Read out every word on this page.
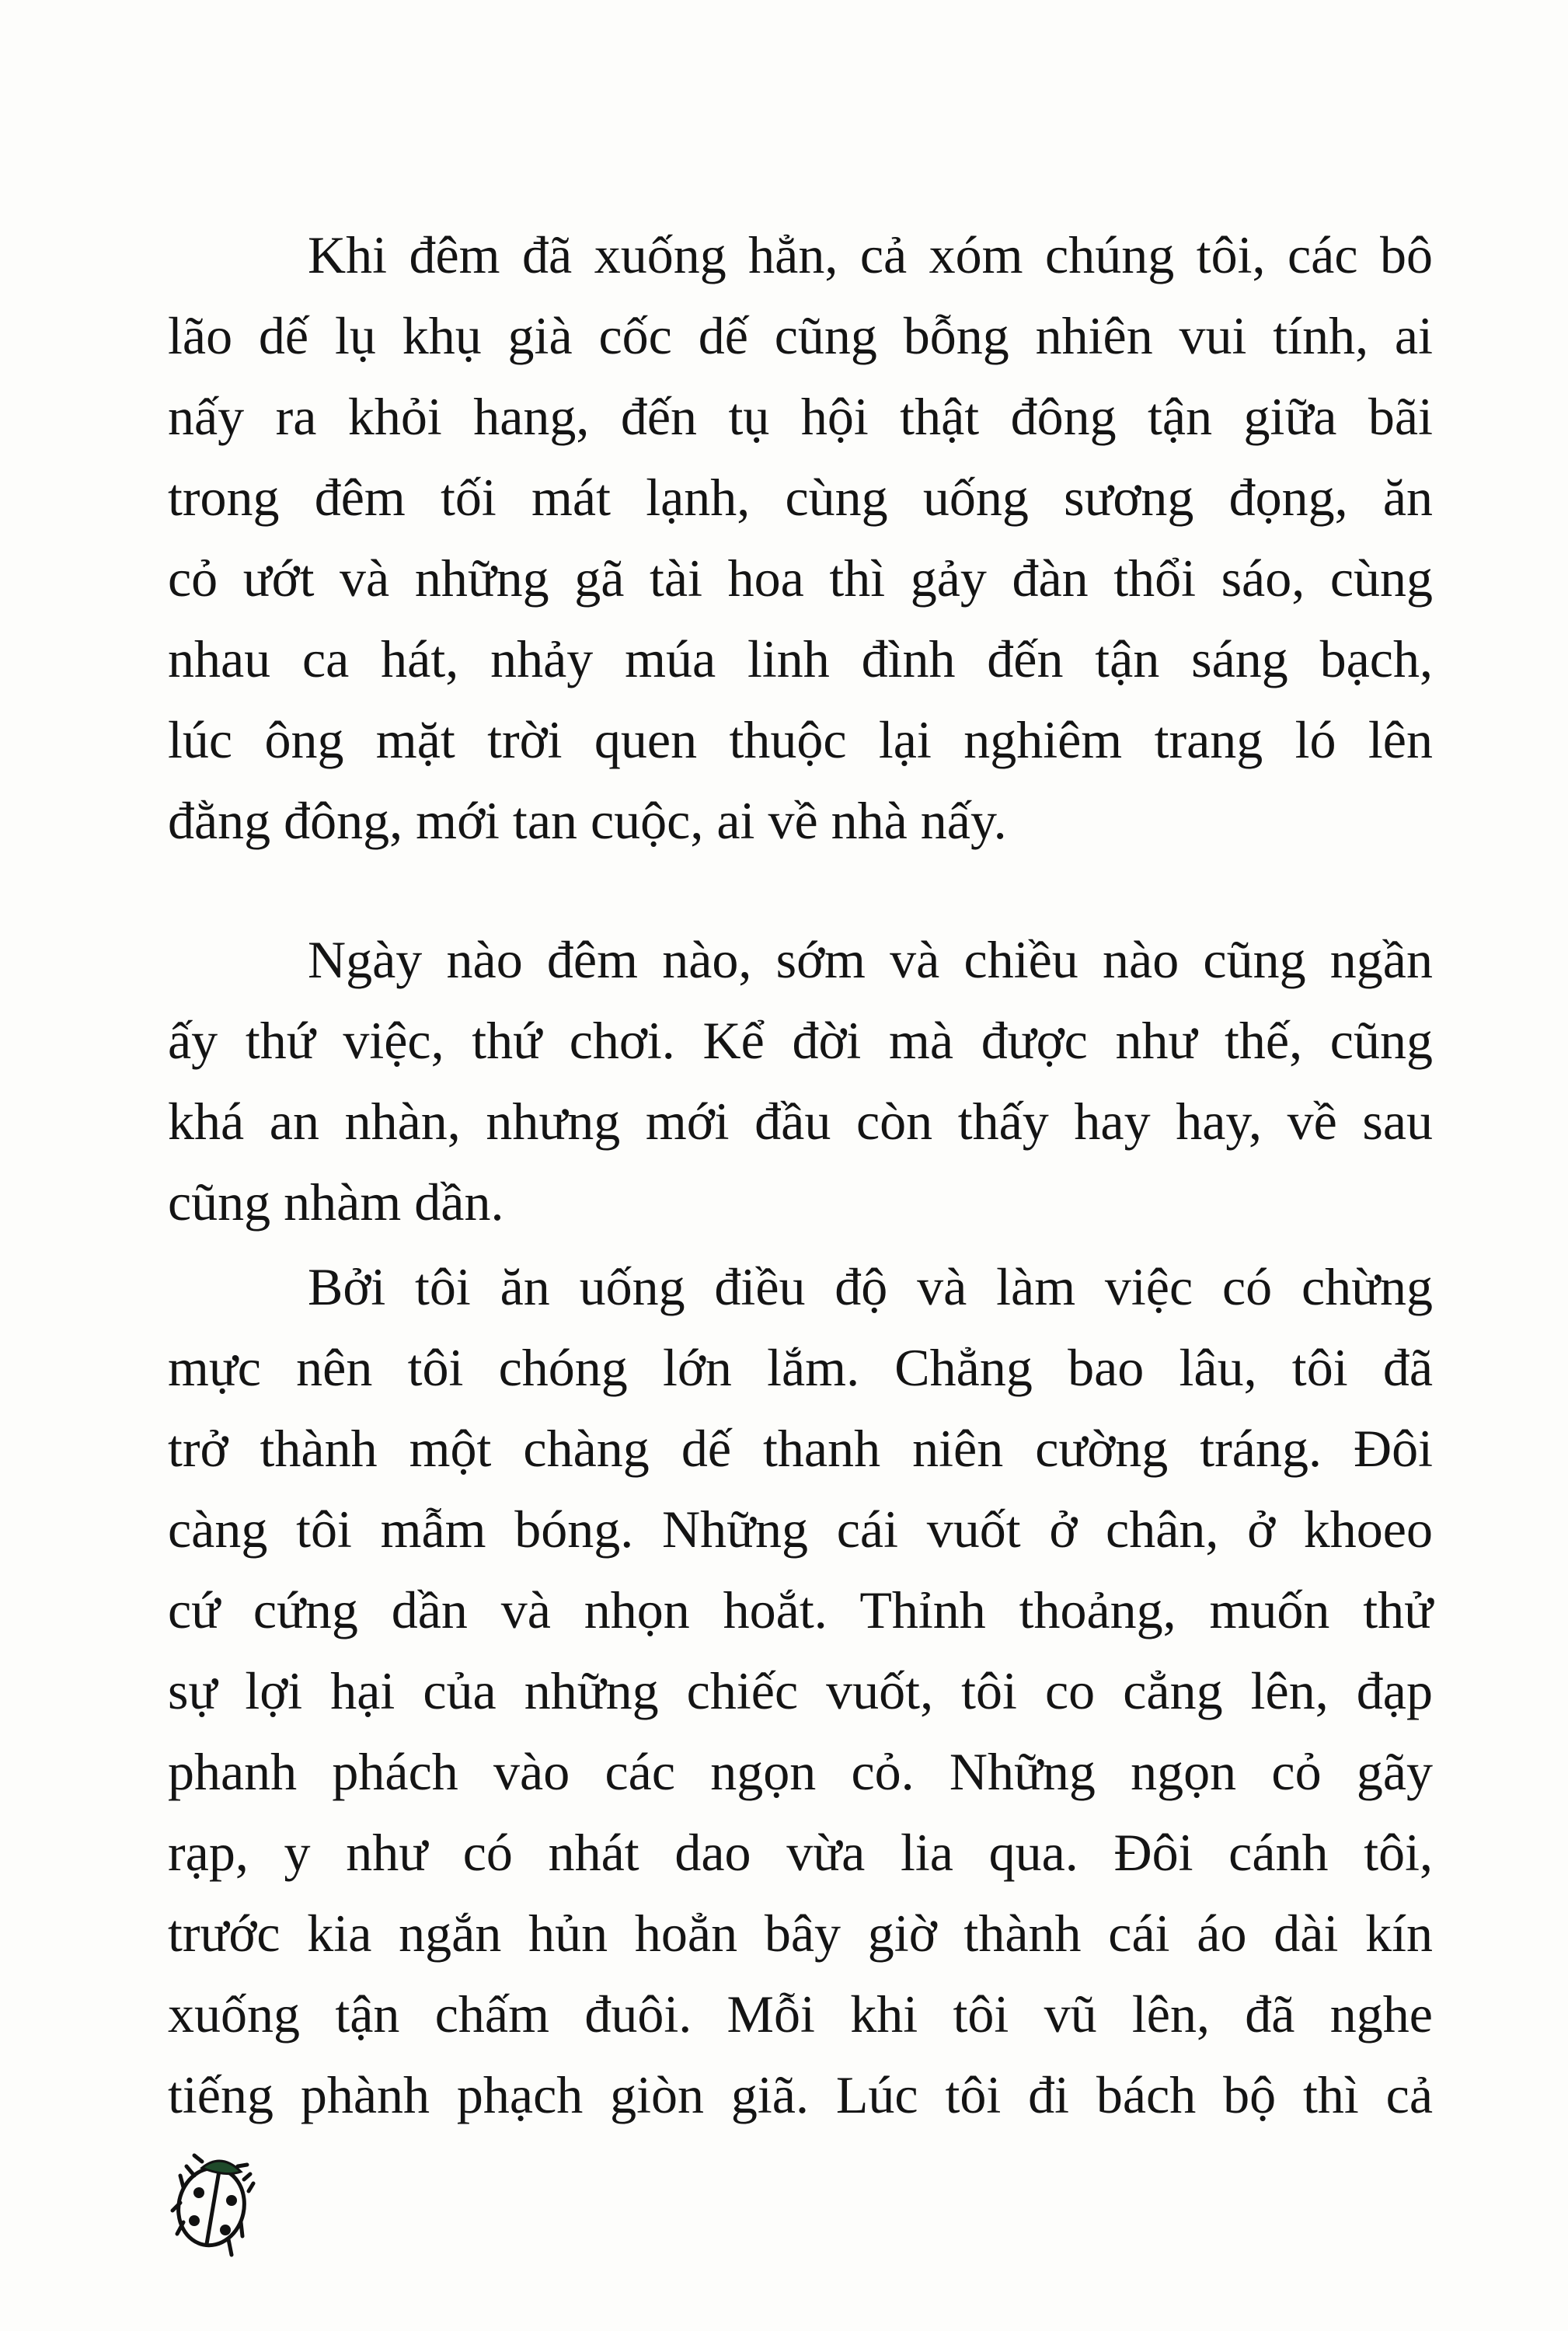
Khi đêm đã xuống hẳn, cả xóm chúng tôi, các bô
lão dế lụ khụ già cốc dế cũng bỗng nhiên vui tính, ai
nấy ra khỏi hang, đến tụ hội thật đông tận giữa bãi
trong đêm tối mát lạnh, cùng uống sương đọng, ăn
cỏ ướt và những gã tài hoa thì gảy đàn thổi sáo, cùng
nhau ca hát, nhảy múa linh đình đến tận sáng bạch,
lúc ông mặt trời quen thuộc lại nghiêm trang ló lên
đằng đông, mới tan cuộc, ai về nhà nấy.
Ngày nào đêm nào, sớm và chiều nào cũng ngần
ấy thứ việc, thứ chơi. Kể đời mà được như thế, cũng
khá an nhàn, nhưng mới đầu còn thấy hay hay, về sau
cũng nhàm dần.
Bởi tôi ăn uống điều độ và làm việc có chừng
mực nên tôi chóng lớn lắm. Chẳng bao lâu, tôi đã
trở thành một chàng dế thanh niên cường tráng. Đôi
càng tôi mẫm bóng. Những cái vuốt ở chân, ở khoeo
cứ cứng dần và nhọn hoắt. Thỉnh thoảng, muốn thử
sự lợi hại của những chiếc vuốt, tôi co cẳng lên, đạp
phanh phách vào các ngọn cỏ. Những ngọn cỏ gãy
rạp, y như có nhát dao vừa lia qua. Đôi cánh tôi,
trước kia ngắn hủn hoẳn bây giờ thành cái áo dài kín
xuống tận chấm đuôi. Mỗi khi tôi vũ lên, đã nghe
tiếng phành phạch giòn giã. Lúc tôi đi bách bộ thì cả
